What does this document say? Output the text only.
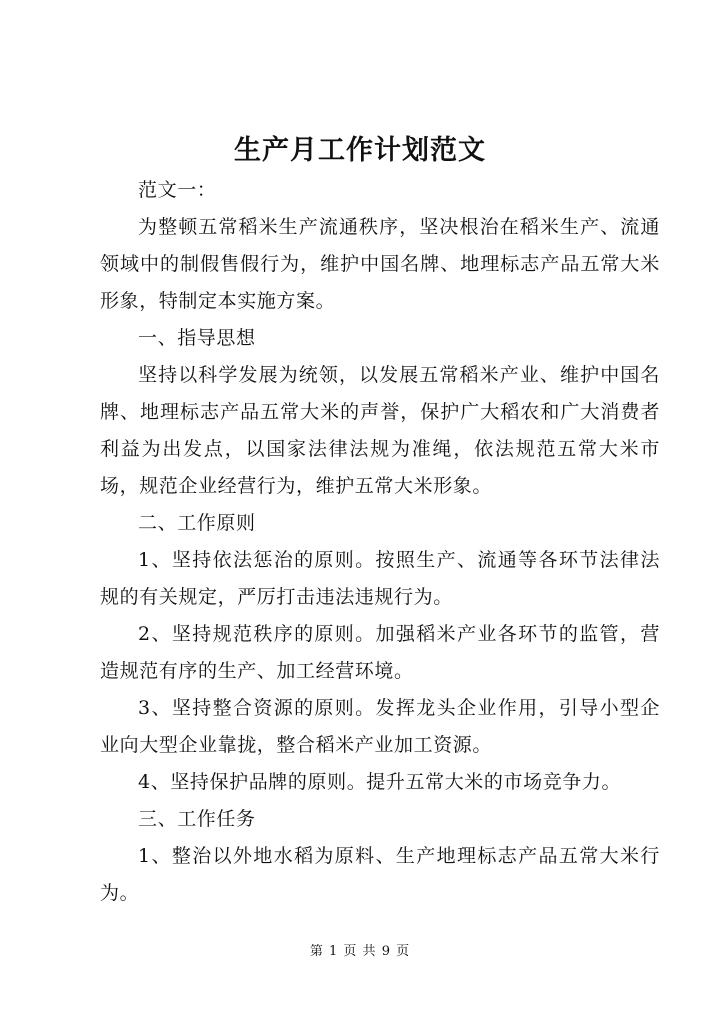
生产月工作计划范文

范文一：

为整顿五常稻米生产流通秩序，坚决根治在稻米生产、流通领域中的制假售假行为，维护中国名牌、地理标志产品五常大米形象，特制定本实施方案。

一、指导思想

坚持以科学发展为统领，以发展五常稻米产业、维护中国名牌、地理标志产品五常大米的声誉，保护广大稻农和广大消费者利益为出发点，以国家法律法规为准绳，依法规范五常大米市场，规范企业经营行为，维护五常大米形象。

二、工作原则

1、坚持依法惩治的原则。按照生产、流通等各环节法律法规的有关规定，严厉打击违法违规行为。

2、坚持规范秩序的原则。加强稻米产业各环节的监管，营造规范有序的生产、加工经营环境。

3、坚持整合资源的原则。发挥龙头企业作用，引导小型企业向大型企业靠拢，整合稻米产业加工资源。

4、坚持保护品牌的原则。提升五常大米的市场竞争力。

三、工作任务

1、整治以外地水稻为原料、生产地理标志产品五常大米行为。

第 1 页 共 9 页
